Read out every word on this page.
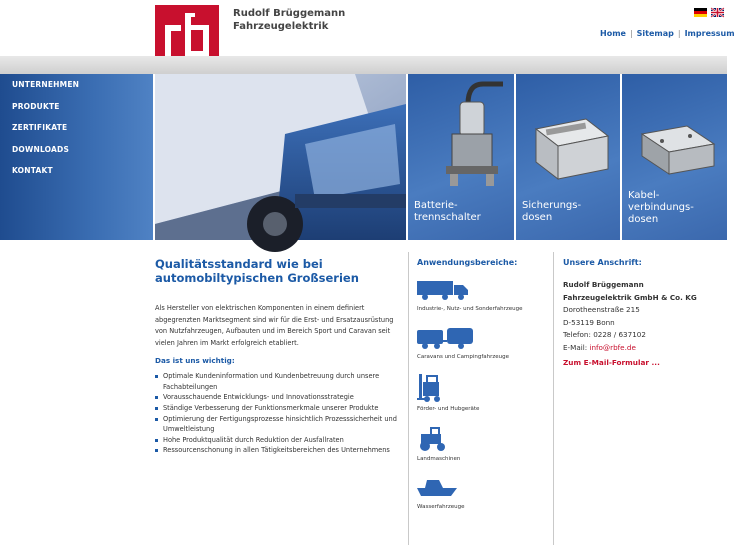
Rudolf Brüggemann
Fahrzeugelektrik
Home | Sitemap | Impressum
UNTERNEHMEN
PRODUKTE
ZERTIFIKATE
DOWNLOADS
KONTAKT
Batterie-
trennschalter
Sicherungs-
dosen
Kabel-
verbindungs-
dosen
Qualitätsstandard wie bei
automobiltypischen Großserien
Als Hersteller von elektrischen Komponenten in einem definiert abgegrenzten Marktsegment sind wir für die Erst- und Ersatzausrüstung von Nutzfahrzeugen, Aufbauten und im Bereich Sport und Caravan seit vielen Jahren im Markt erfolgreich etabliert.
Das ist uns wichtig:
Optimale Kundeninformation und Kundenbetreuung durch unsere Fachabteilungen
Vorausschauende Entwicklungs- und Innovationsstrategie
Ständige Verbesserung der Funktionsmerkmale unserer Produkte
Optimierung der Fertigungsprozesse hinsichtlich Prozesssicherheit und Umweltleistung
Hohe Produktqualität durch Reduktion der Ausfallraten
Ressourcenschonung in allen Tätigkeitsbereichen des Unternehmens
Anwendungsbereiche:
Industrie-, Nutz- und Sonderfahrzeuge
Caravans und Campingfahrzeuge
Förder- und Hubgeräte
Landmaschinen
Wasserfahrzeuge
Unsere Anschrift:
Rudolf Brüggemann
Fahrzeugelektrik GmbH & Co. KG
Dorotheenstraße 215
D-53119 Bonn
Telefon: 0228 / 637102
E-Mail: info@rbfe.de
Zum E-Mail-Formular ...
